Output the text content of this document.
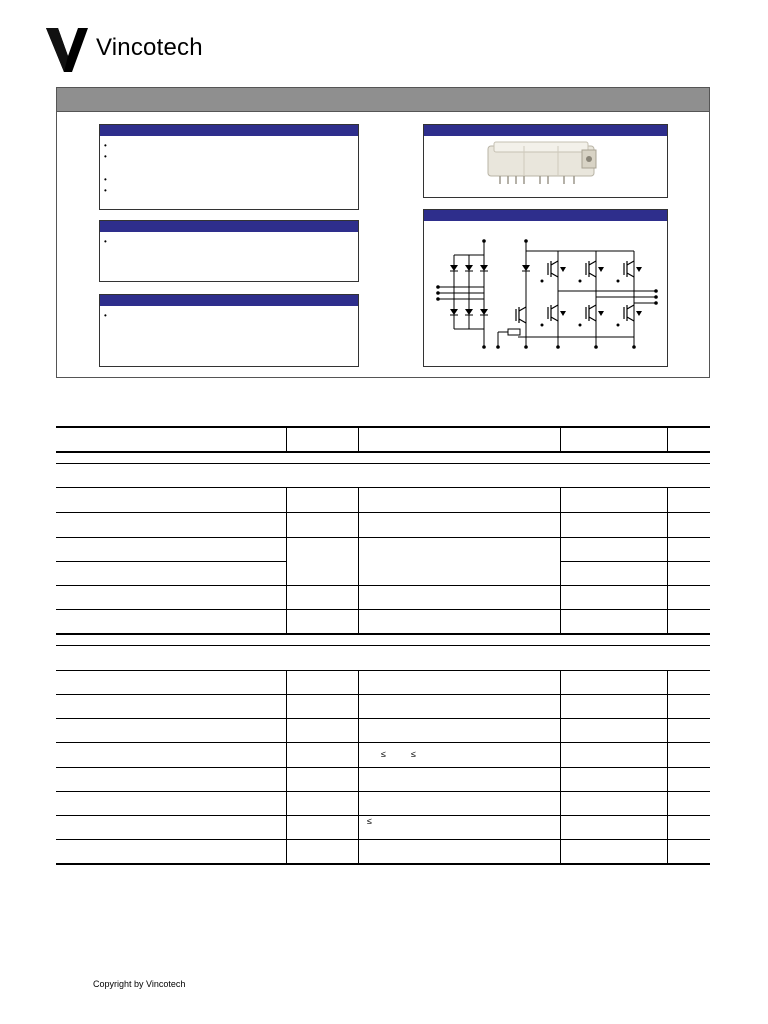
Vincotech
•
•
•
•
•
•
≤          ≤
≤
Copyright by Vincotech
